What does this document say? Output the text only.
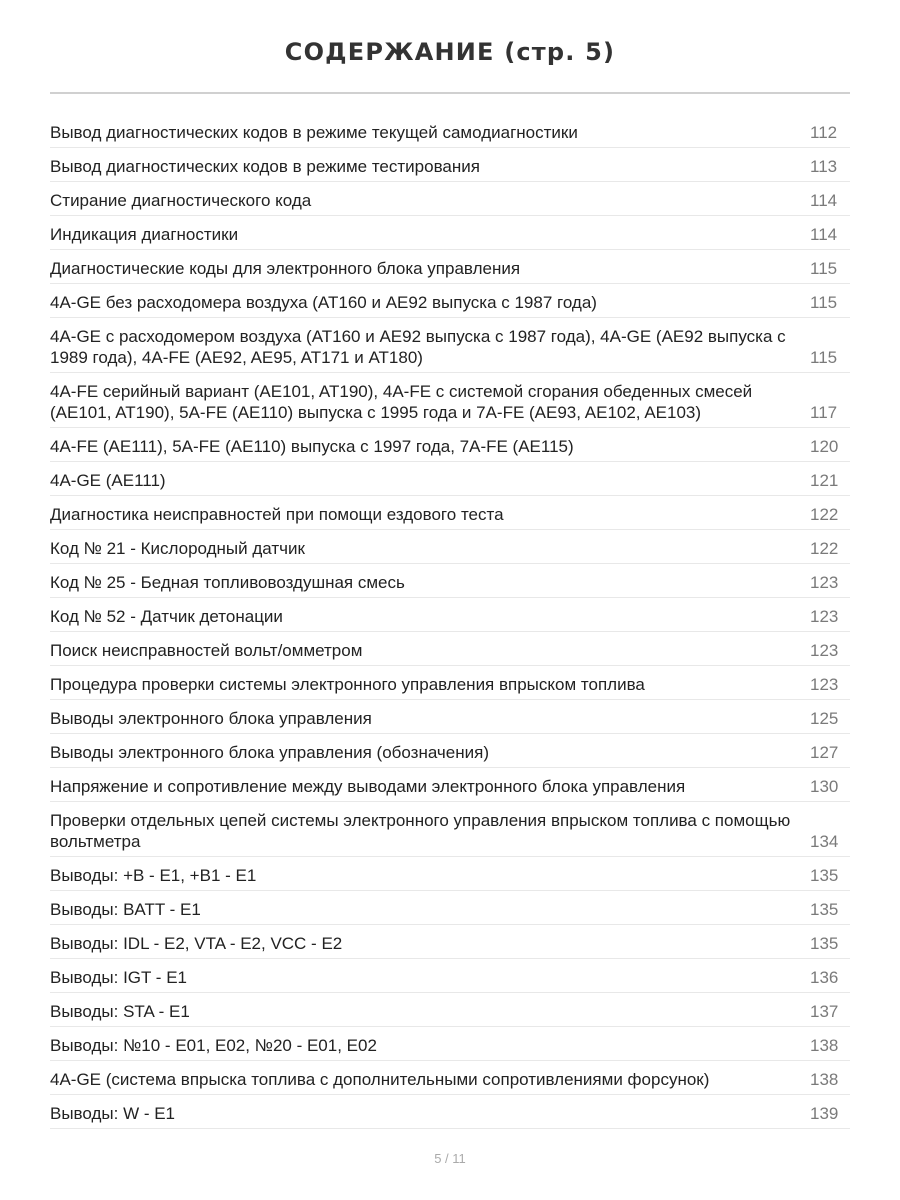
СОДЕРЖАНИЕ (стр. 5)
Вывод диагностических кодов в режиме текущей самодиагностики	112
Вывод диагностических кодов в режиме тестирования	113
Стирание диагностического кода	114
Индикация диагностики	114
Диагностические коды для электронного блока управления	115
4A-GE без расходомера воздуха (AT160 и AE92 выпуска с 1987 года)	115
4A-GE с расходомером воздуха (AT160 и AE92 выпуска с 1987 года), 4A-GE (AE92 выпуска с 1989 года), 4A-FE (AE92, AE95, AT171 и AT180)	115
4A-FE серийный вариант (AE101, AT190), 4A-FE с системой сгорания обеденных смесей (AE101, AT190), 5A-FE (AE110) выпуска с 1995 года и 7A-FE (AE93, AE102, AE103)	117
4A-FE (AE111), 5A-FE (AE110) выпуска с 1997 года, 7A-FE (AE115)	120
4A-GE (AE111)	121
Диагностика неисправностей при помощи ездового теста	122
Код № 21 - Кислородный датчик	122
Код № 25 - Бедная топливовоздушная смесь	123
Код № 52 - Датчик детонации	123
Поиск неисправностей вольт/омметром	123
Процедура проверки системы электронного управления впрыском топлива	123
Выводы электронного блока управления	125
Выводы электронного блока управления (обозначения)	127
Напряжение и сопротивление между выводами электронного блока управления	130
Проверки отдельных цепей системы электронного управления впрыском топлива с помощью вольтметра	134
Выводы: +B - E1, +B1 - E1	135
Выводы: BATT - E1	135
Выводы: IDL - E2, VTA - E2, VCC - E2	135
Выводы: IGT - E1	136
Выводы: STA - E1	137
Выводы: №10 - E01, E02, №20 - E01, E02	138
4A-GE (система впрыска топлива с дополнительными сопротивлениями форсунок)	138
Выводы: W - E1	139
5 / 11
